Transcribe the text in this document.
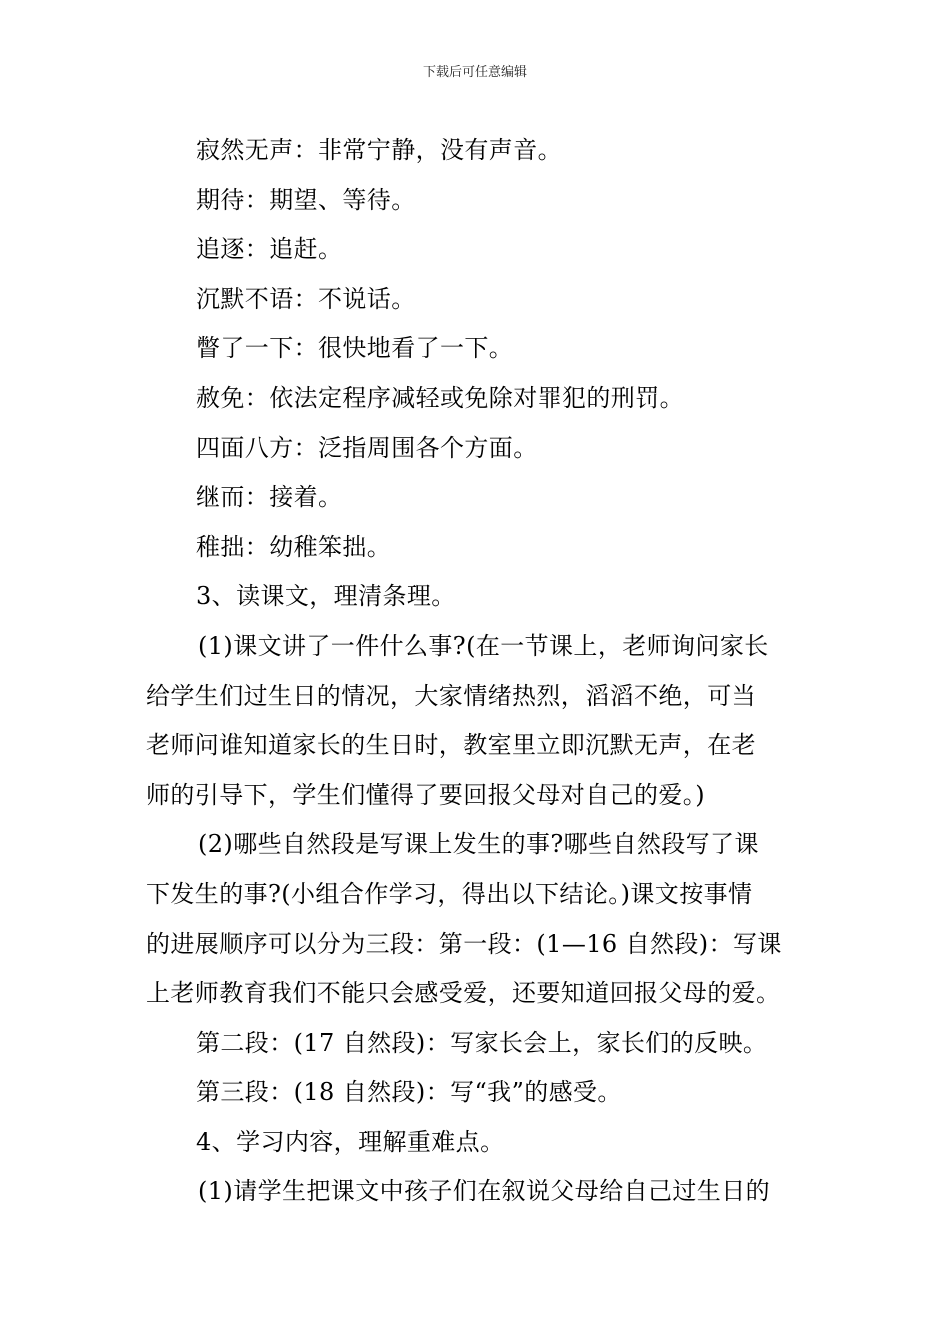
下载后可任意编辑
寂然无声：非常宁静，没有声音。
期待：期望、等待。
追逐：追赶。
沉默不语：不说话。
瞥了一下：很快地看了一下。
赦免：依法定程序减轻或免除对罪犯的刑罚。
四面八方：泛指周围各个方面。
继而：接着。
稚拙：幼稚笨拙。
3、读课文，理清条理。
(1)课文讲了一件什么事?(在一节课上，老师询问家长
给学生们过生日的情况，大家情绪热烈，滔滔不绝，可当
老师问谁知道家长的生日时，教室里立即沉默无声，在老
师的引导下，学生们懂得了要回报父母对自己的爱。)
(2)哪些自然段是写课上发生的事?哪些自然段写了课
下发生的事?(小组合作学习，得出以下结论。)课文按事情
的进展顺序可以分为三段：第一段：(1—16 自然段)：写课
上老师教育我们不能只会感受爱，还要知道回报父母的爱。
第二段：(17 自然段)：写家长会上，家长们的反映。
第三段：(18 自然段)：写“我”的感受。
4、学习内容，理解重难点。
(1)请学生把课文中孩子们在叙说父母给自己过生日的
